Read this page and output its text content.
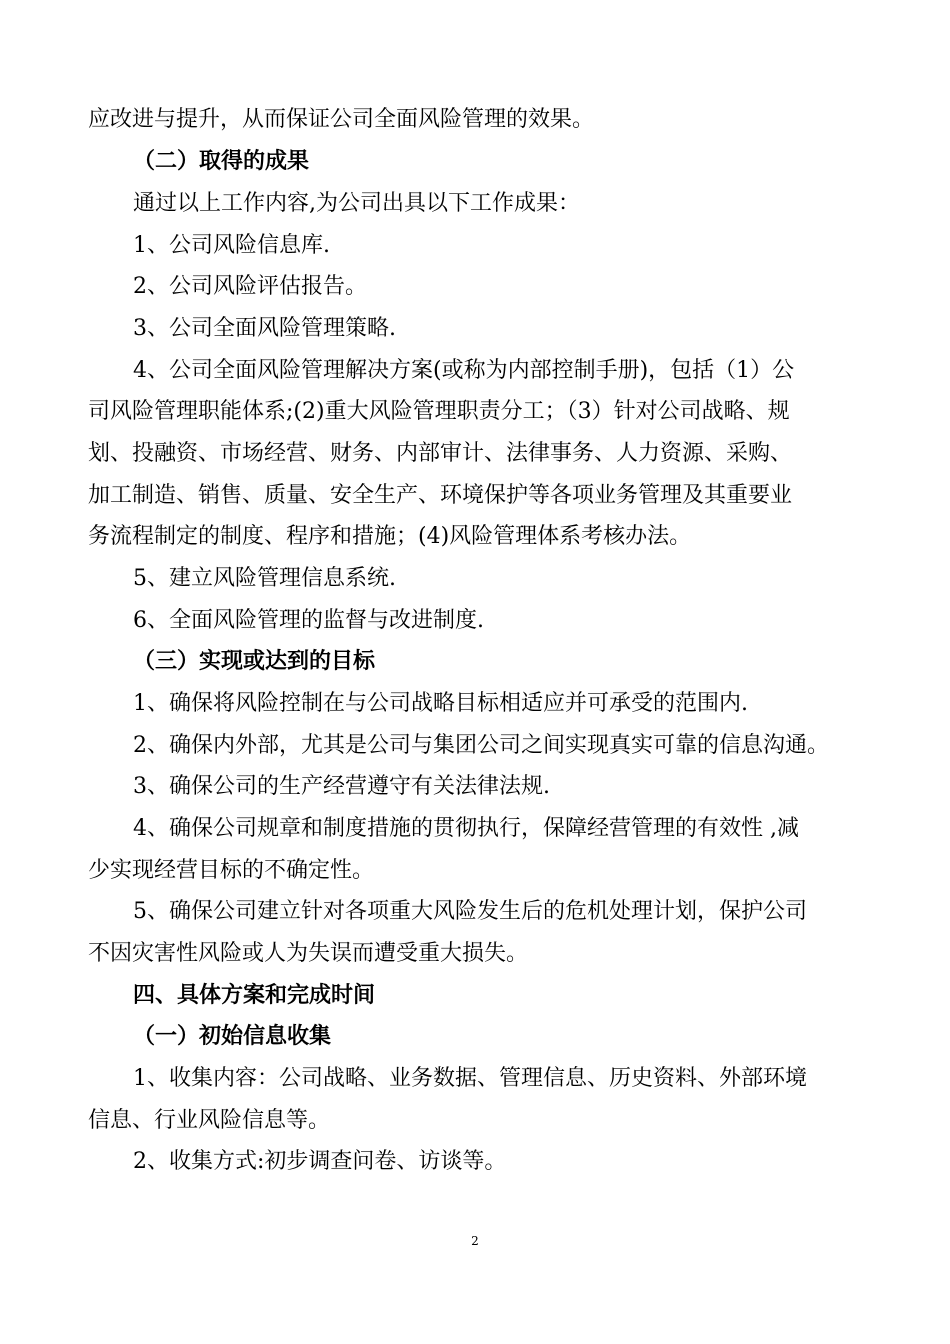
应改进与提升，从而保证公司全面风险管理的效果。
（二）取得的成果
通过以上工作内容,为公司出具以下工作成果：
1、公司风险信息库.
2、公司风险评估报告。
3、公司全面风险管理策略.
4、公司全面风险管理解决方案(或称为内部控制手册)，包括（1）公
司风险管理职能体系;(2)重大风险管理职责分工；（3）针对公司战略、规
划、投融资、市场经营、财务、内部审计、法律事务、人力资源、采购、
加工制造、销售、质量、安全生产、环境保护等各项业务管理及其重要业
务流程制定的制度、程序和措施；(4)风险管理体系考核办法。
5、建立风险管理信息系统.
6、全面风险管理的监督与改进制度.
（三）实现或达到的目标
1、确保将风险控制在与公司战略目标相适应并可承受的范围内.
2、确保内外部，尤其是公司与集团公司之间实现真实可靠的信息沟通。
3、确保公司的生产经营遵守有关法律法规.
4、确保公司规章和制度措施的贯彻执行，保障经营管理的有效性 ,减
少实现经营目标的不确定性。
5、确保公司建立针对各项重大风险发生后的危机处理计划，保护公司
不因灾害性风险或人为失误而遭受重大损失。
四、具体方案和完成时间
（一）初始信息收集
1、收集内容：公司战略、业务数据、管理信息、历史资料、外部环境
信息、行业风险信息等。
2、收集方式:初步调查问卷、访谈等。
2
